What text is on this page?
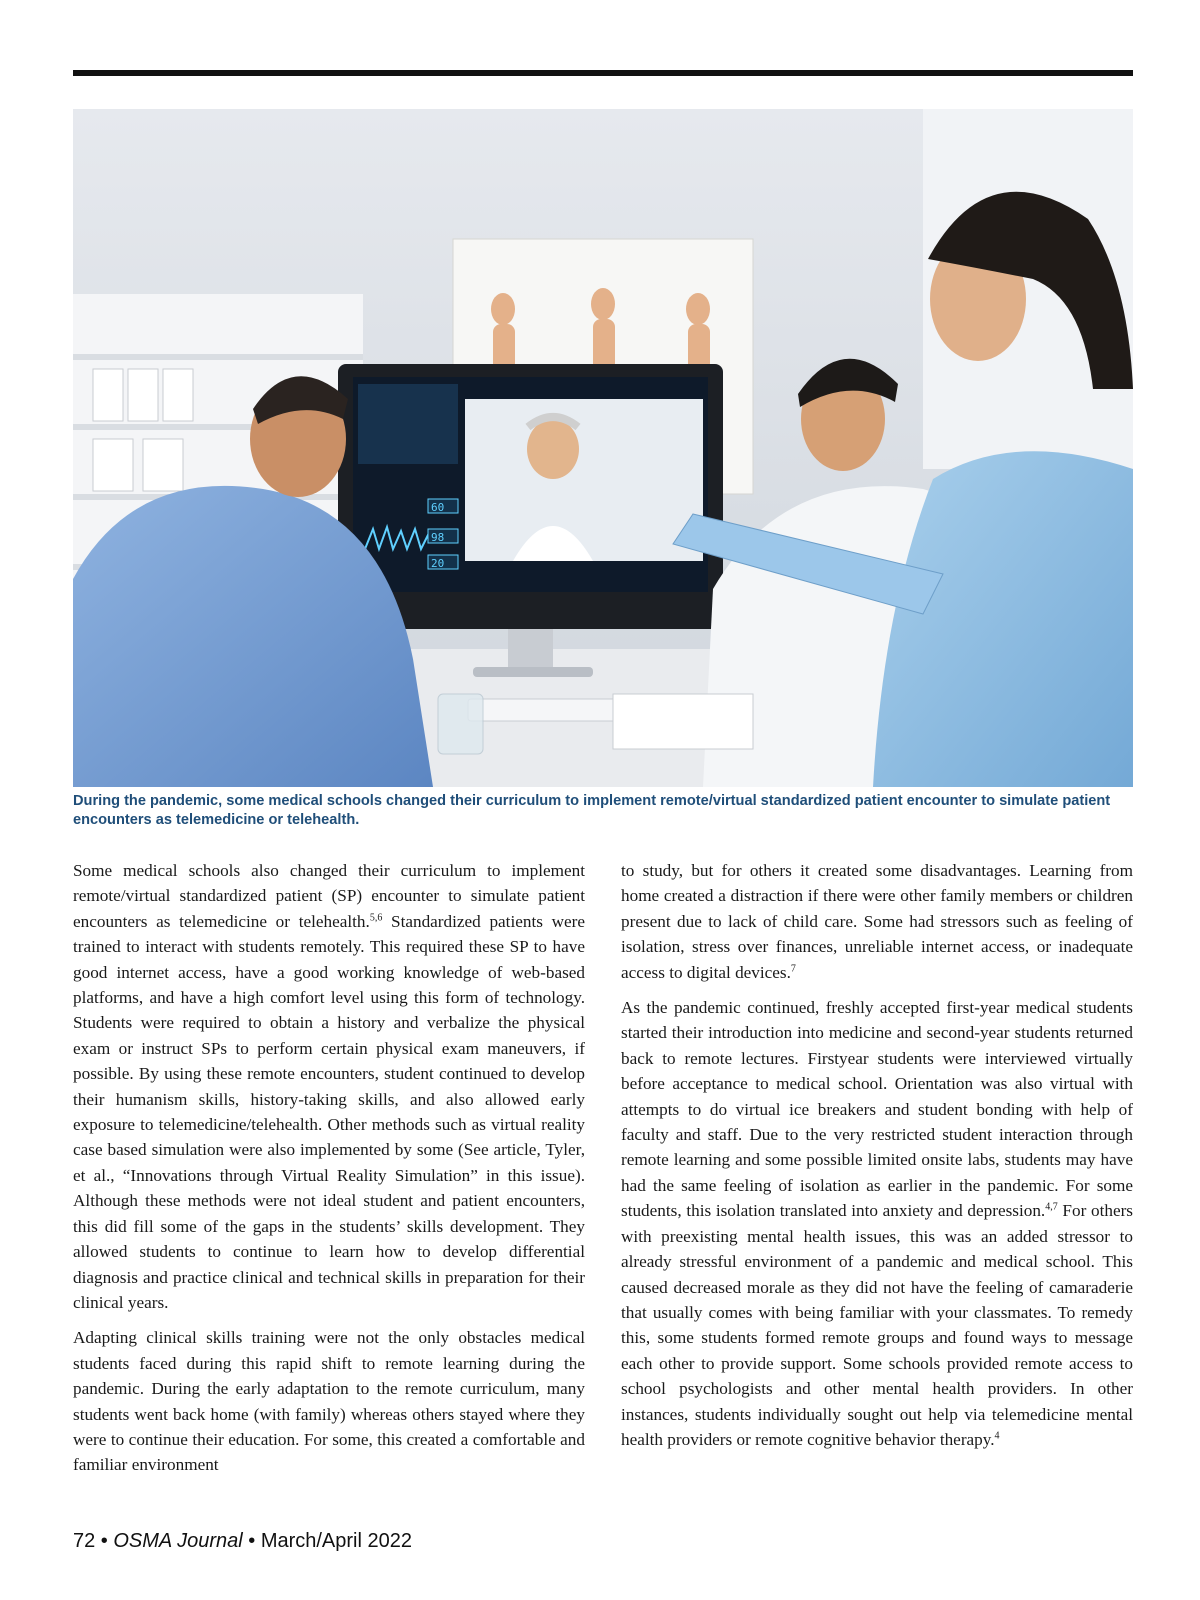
60
98
20
During the pandemic, some medical schools changed their curriculum to implement remote/virtual standardized patient encounter to simulate patient encounters as telemedicine or telehealth.

Some medical schools also changed their curriculum to implement remote/virtual standardized patient (SP) encounter to simulate patient encounters as telemedicine or telehealth.$^{5,6}$ Standardized patients were trained to interact with students remotely. This required these SP to have good internet access, have a good working knowledge of web-based platforms, and have a high comfort level using this form of technology. Students were required to obtain a history and verbalize the physical exam or instruct SPs to perform certain physical exam maneuvers, if possible. By using these remote encounters, student continued to develop their humanism skills, history-taking skills, and also allowed early exposure to telemedicine/telehealth. Other methods such as virtual reality case based simulation were also implemented by some (See article, Tyler, et al., “Innovations through Virtual Reality Simulation” in this issue). Although these methods were not ideal student and patient encounters, this did fill some of the gaps in the students’ skills development. They allowed students to continue to learn how to develop differential diagnosis and practice clinical and technical skills in preparation for their clinical years.

Adapting clinical skills training were not the only obstacles medical students faced during this rapid shift to remote learning during the pandemic. During the early adaptation to the remote curriculum, many students went back home (with family) whereas others stayed where they were to continue their education. For some, this created a comfortable and familiar environment

to study, but for others it created some disadvantages. Learning from home created a distraction if there were other family members or children present due to lack of child care. Some had stressors such as feeling of isolation, stress over finances, unreliable internet access, or inadequate access to digital devices.$^7$

As the pandemic continued, freshly accepted first-year medical students started their introduction into medicine and second-year students returned back to remote lectures. Firstyear students were interviewed virtually before acceptance to medical school. Orientation was also virtual with attempts to do virtual ice breakers and student bonding with help of faculty and staff. Due to the very restricted student interaction through remote learning and some possible limited onsite labs, students may have had the same feeling of isolation as earlier in the pandemic. For some students, this isolation translated into anxiety and depression.$^{4,7}$ For others with preexisting mental health issues, this was an added stressor to already stressful environment of a pandemic and medical school. This caused decreased morale as they did not have the feeling of camaraderie that usually comes with being familiar with your classmates. To remedy this, some students formed remote groups and found ways to message each other to provide support. Some schools provided remote access to school psychologists and other mental health providers. In other instances, students individually sought out help via telemedicine mental health providers or remote cognitive behavior therapy.$^4$

72 • OSMA Journal • March/April 2022
